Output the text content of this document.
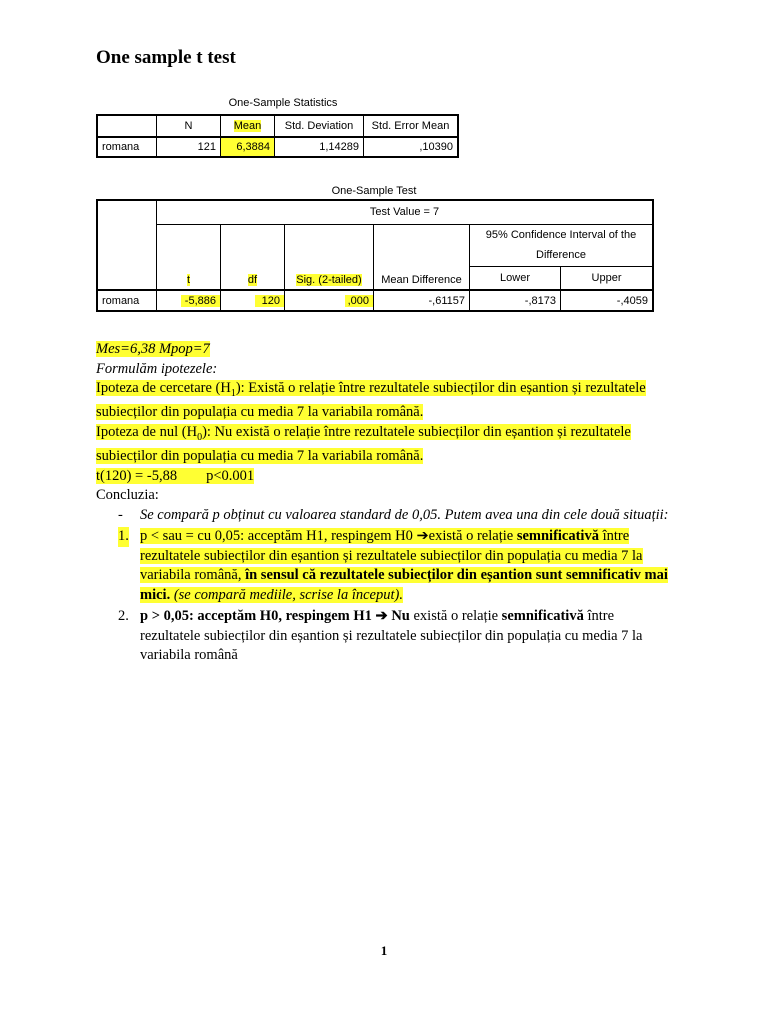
One sample t test
One-Sample Statistics
	N	Mean	Std. Deviation	Std. Error Mean
romana	121	6,3884	1,14289	,10390
One-Sample Test
	Test Value = 7					
	t	df	Sig. (2-tailed)	Mean Difference	95% Confidence Interval of the Difference	
					Lower	Upper
romana	-5,886	120	,000	-,61157	-,8173	-,4059

Mes=6,38 Mpop=7

Formulăm ipotezele:

Ipoteza de cercetare $(H_1)$: Există o relație între rezultatele subiecților din eșantion și rezultatele subiecților din populația cu media 7 la variabila română.

Ipoteza de nul $(H_0)$: Nu există o relație între rezultatele subiecților din eșantion și rezultatele subiecților din populația cu media 7 la variabila română.

t(120) = -5,88        p<0.001

Concluzia:

- Se compară p obținut cu valoarea standard de 0,05. Putem avea una din cele două situații:
1. p < sau = cu 0,05: acceptăm H1, respingem H0 ➔există o relație semnificativă între rezultatele subiecților din eșantion și rezultatele subiecților din populația cu media 7 la variabila română, în sensul că rezultatele subiecților din eșantion sunt semnificativ mai mici. (se compară mediile, scrise la început).
2. p > 0,05: acceptăm H0, respingem H1 ➔ Nu există o relație semnificativă între rezultatele subiecților din eșantion și rezultatele subiecților din populația cu media 7 la variabila română
1
